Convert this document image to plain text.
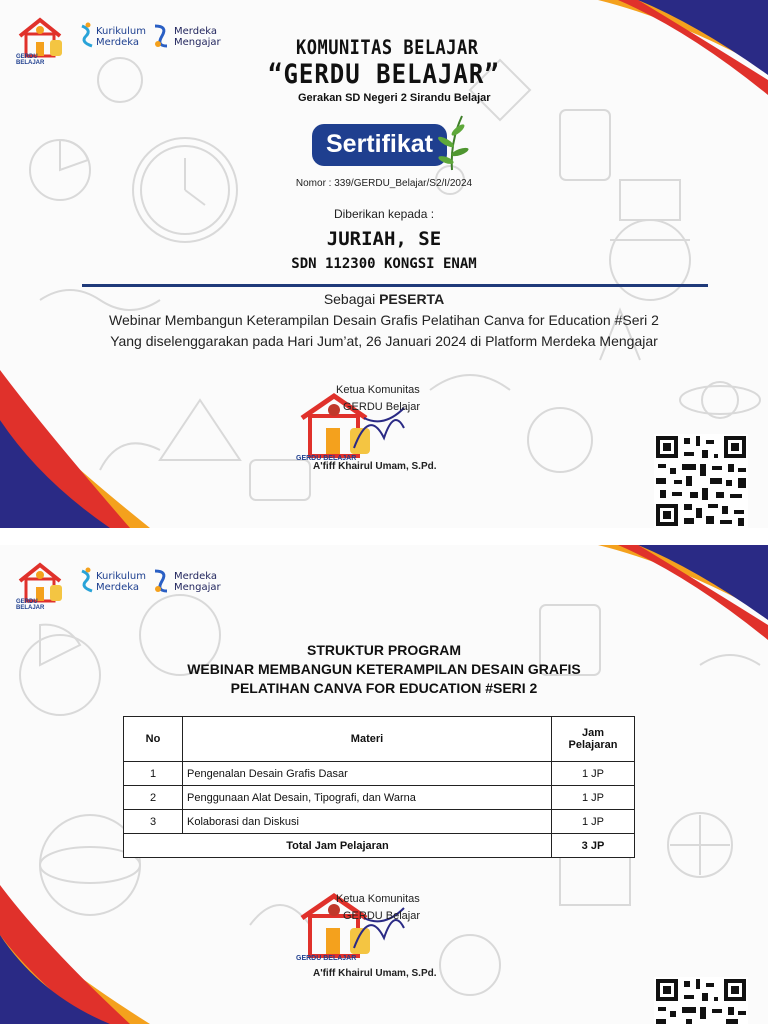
GERDU BELAJAR
Kurikulum
Merdeka
Merdeka
Mengajar	KOMUNITAS BELAJAR
“GERDU BELAJAR”
Gerakan SD Negeri 2 Sirandu Belajar
Sertifikat
Nomor : 339/GERDU_Belajar/S2/I/2024
Diberikan kepada :
JURIAH, SE
SDN 112300 KONGSI ENAM
Sebagai PESERTA
Webinar Membangun Keterampilan Desain Grafis Pelatihan Canva for Education #Seri 2
Yang diselenggarakan pada Hari Jum’at, 26 Januari 2024 di Platform Merdeka Mengajar
GERDU BELAJAR
Ketua Komunitas
GERDU Belajar
A'fiff Khairul Umam, S.Pd.
GERDU BELAJAR
Kurikulum
Merdeka
Merdeka
Mengajar
STRUKTUR PROGRAM
WEBINAR MEMBANGUN KETERAMPILAN DESAIN GRAFIS
PELATIHAN CANVA FOR EDUCATION #SERI 2
No	Materi	Jam
Pelajaran
1	Pengenalan Desain Grafis Dasar	1 JP
2	Penggunaan Alat Desain, Tipografi, dan Warna	1 JP
3	Kolaborasi dan Diskusi	1 JP
Total Jam Pelajaran		3 JP
GERDU BELAJAR
Ketua Komunitas
GERDU Belajar
A'fiff Khairul Umam, S.Pd.
